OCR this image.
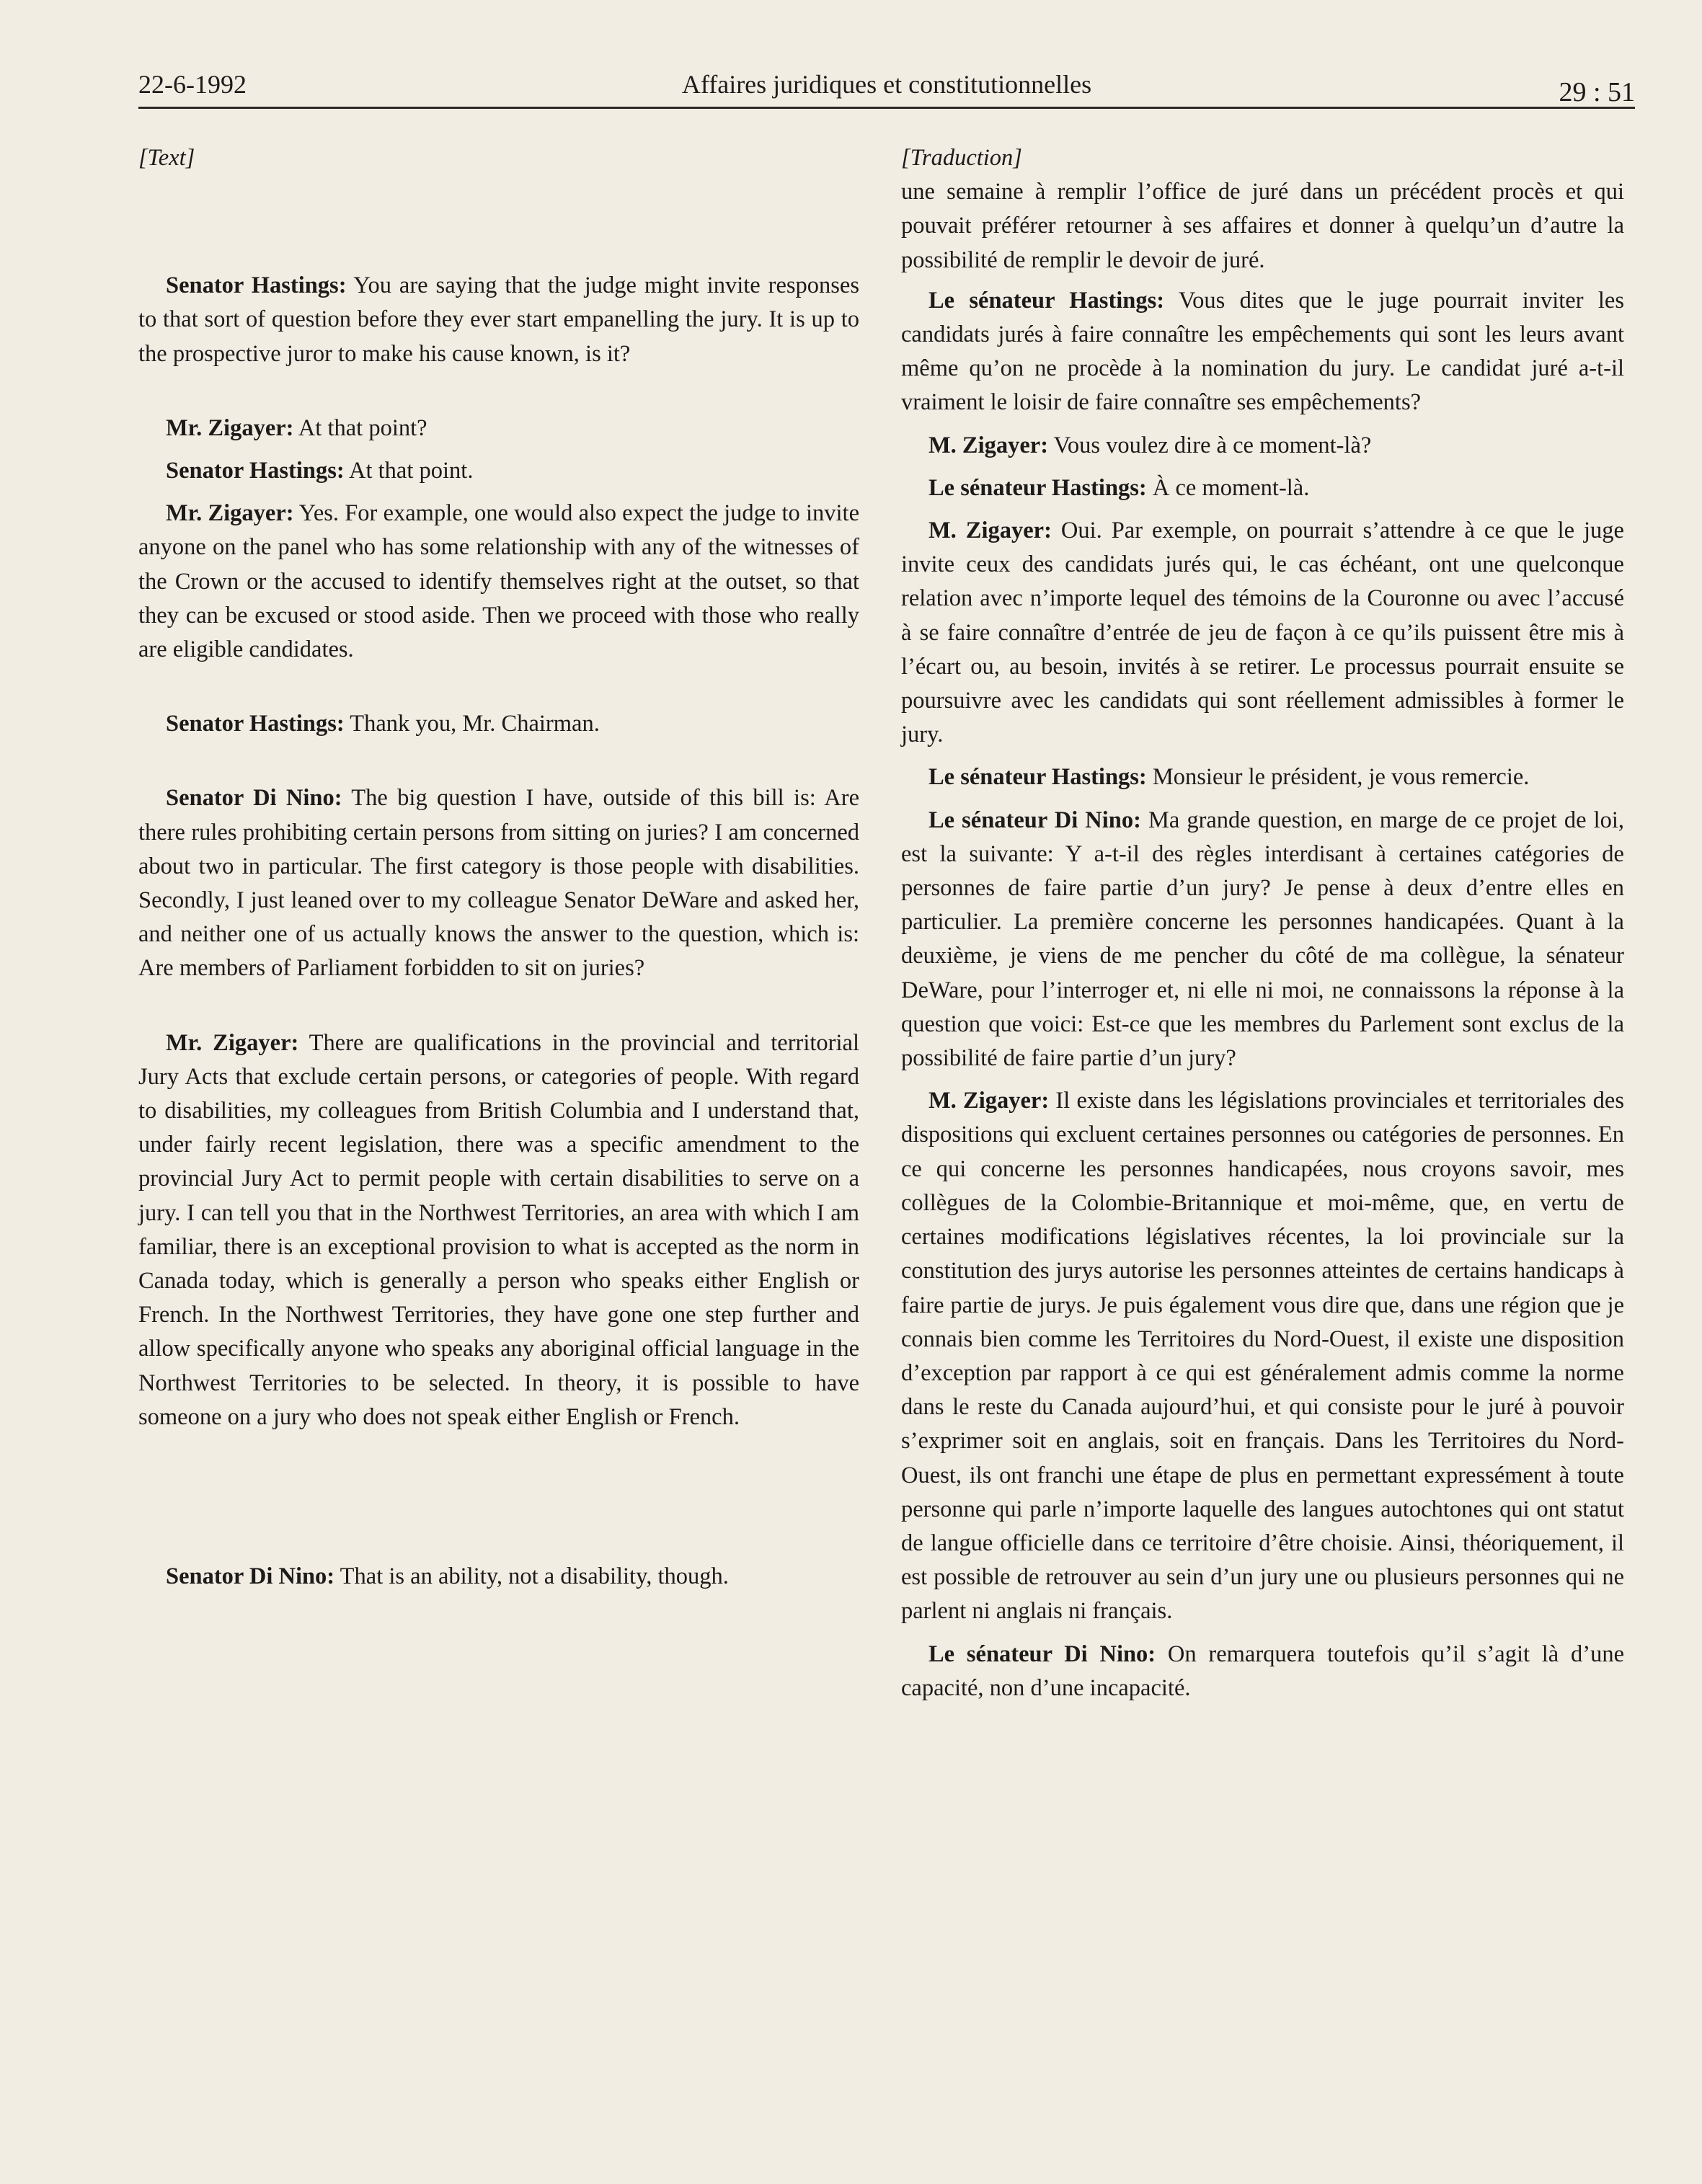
22-6-1992	Affaires juridiques et constitutionnelles	29 : 51
[Text]

Senator Hastings: You are saying that the judge might invite responses to that sort of question before they ever start empanelling the jury. It is up to the prospective juror to make his cause known, is it?

Mr. Zigayer: At that point?

Senator Hastings: At that point.

Mr. Zigayer: Yes. For example, one would also expect the judge to invite anyone on the panel who has some relationship with any of the witnesses of the Crown or the accused to identify themselves right at the outset, so that they can be excused or stood aside. Then we proceed with those who really are eligible candidates.

Senator Hastings: Thank you, Mr. Chairman.

Senator Di Nino: The big question I have, outside of this bill is: Are there rules prohibiting certain persons from sitting on juries? I am concerned about two in particular. The first category is those people with disabilities. Secondly, I just leaned over to my colleague Senator DeWare and asked her, and neither one of us actually knows the answer to the question, which is: Are members of Parliament forbidden to sit on juries?

Mr. Zigayer: There are qualifications in the provincial and territorial Jury Acts that exclude certain persons, or categories of people. With regard to disabilities, my colleagues from British Columbia and I understand that, under fairly recent legislation, there was a specific amendment to the provincial Jury Act to permit people with certain disabilities to serve on a jury. I can tell you that in the Northwest Territories, an area with which I am familiar, there is an exceptional provision to what is accepted as the norm in Canada today, which is generally a person who speaks either English or French. In the Northwest Territories, they have gone one step further and allow specifically anyone who speaks any aboriginal official language in the Northwest Territories to be selected. In theory, it is possible to have someone on a jury who does not speak either English or French.

Senator Di Nino: That is an ability, not a disability, though.

[Traduction]

une semaine à remplir l’office de juré dans un précédent procès et qui pouvait préférer retourner à ses affaires et donner à quelqu’un d’autre la possibilité de remplir le devoir de juré.

Le sénateur Hastings: Vous dites que le juge pourrait inviter les candidats jurés à faire connaître les empêchements qui sont les leurs avant même qu’on ne procède à la nomination du jury. Le candidat juré a-t-il vraiment le loisir de faire connaître ses empêchements?

M. Zigayer: Vous voulez dire à ce moment-là?

Le sénateur Hastings: À ce moment-là.

M. Zigayer: Oui. Par exemple, on pourrait s’attendre à ce que le juge invite ceux des candidats jurés qui, le cas échéant, ont une quelconque relation avec n’importe lequel des témoins de la Couronne ou avec l’accusé à se faire connaître d’entrée de jeu de façon à ce qu’ils puissent être mis à l’écart ou, au besoin, invités à se retirer. Le processus pourrait ensuite se poursuivre avec les candidats qui sont réellement admissibles à former le jury.

Le sénateur Hastings: Monsieur le président, je vous remercie.

Le sénateur Di Nino: Ma grande question, en marge de ce projet de loi, est la suivante: Y a-t-il des règles interdisant à certaines catégories de personnes de faire partie d’un jury? Je pense à deux d’entre elles en particulier. La première concerne les personnes handicapées. Quant à la deuxième, je viens de me pencher du côté de ma collègue, la sénateur DeWare, pour l’interroger et, ni elle ni moi, ne connaissons la réponse à la question que voici: Est-ce que les membres du Parlement sont exclus de la possibilité de faire partie d’un jury?

M. Zigayer: Il existe dans les législations provinciales et territoriales des dispositions qui excluent certaines personnes ou catégories de personnes. En ce qui concerne les personnes handicapées, nous croyons savoir, mes collègues de la Colombie-Britannique et moi-même, que, en vertu de certaines modifications législatives récentes, la loi provinciale sur la constitution des jurys autorise les personnes atteintes de certains handicaps à faire partie de jurys. Je puis également vous dire que, dans une région que je connais bien comme les Territoires du Nord-Ouest, il existe une disposition d’exception par rapport à ce qui est généralement admis comme la norme dans le reste du Canada aujourd’hui, et qui consiste pour le juré à pouvoir s’exprimer soit en anglais, soit en français. Dans les Territoires du Nord-Ouest, ils ont franchi une étape de plus en permettant expressément à toute personne qui parle n’importe laquelle des langues autochtones qui ont statut de langue officielle dans ce territoire d’être choisie. Ainsi, théoriquement, il est possible de retrouver au sein d’un jury une ou plusieurs personnes qui ne parlent ni anglais ni français.

Le sénateur Di Nino: On remarquera toutefois qu’il s’agit là d’une capacité, non d’une incapacité.
